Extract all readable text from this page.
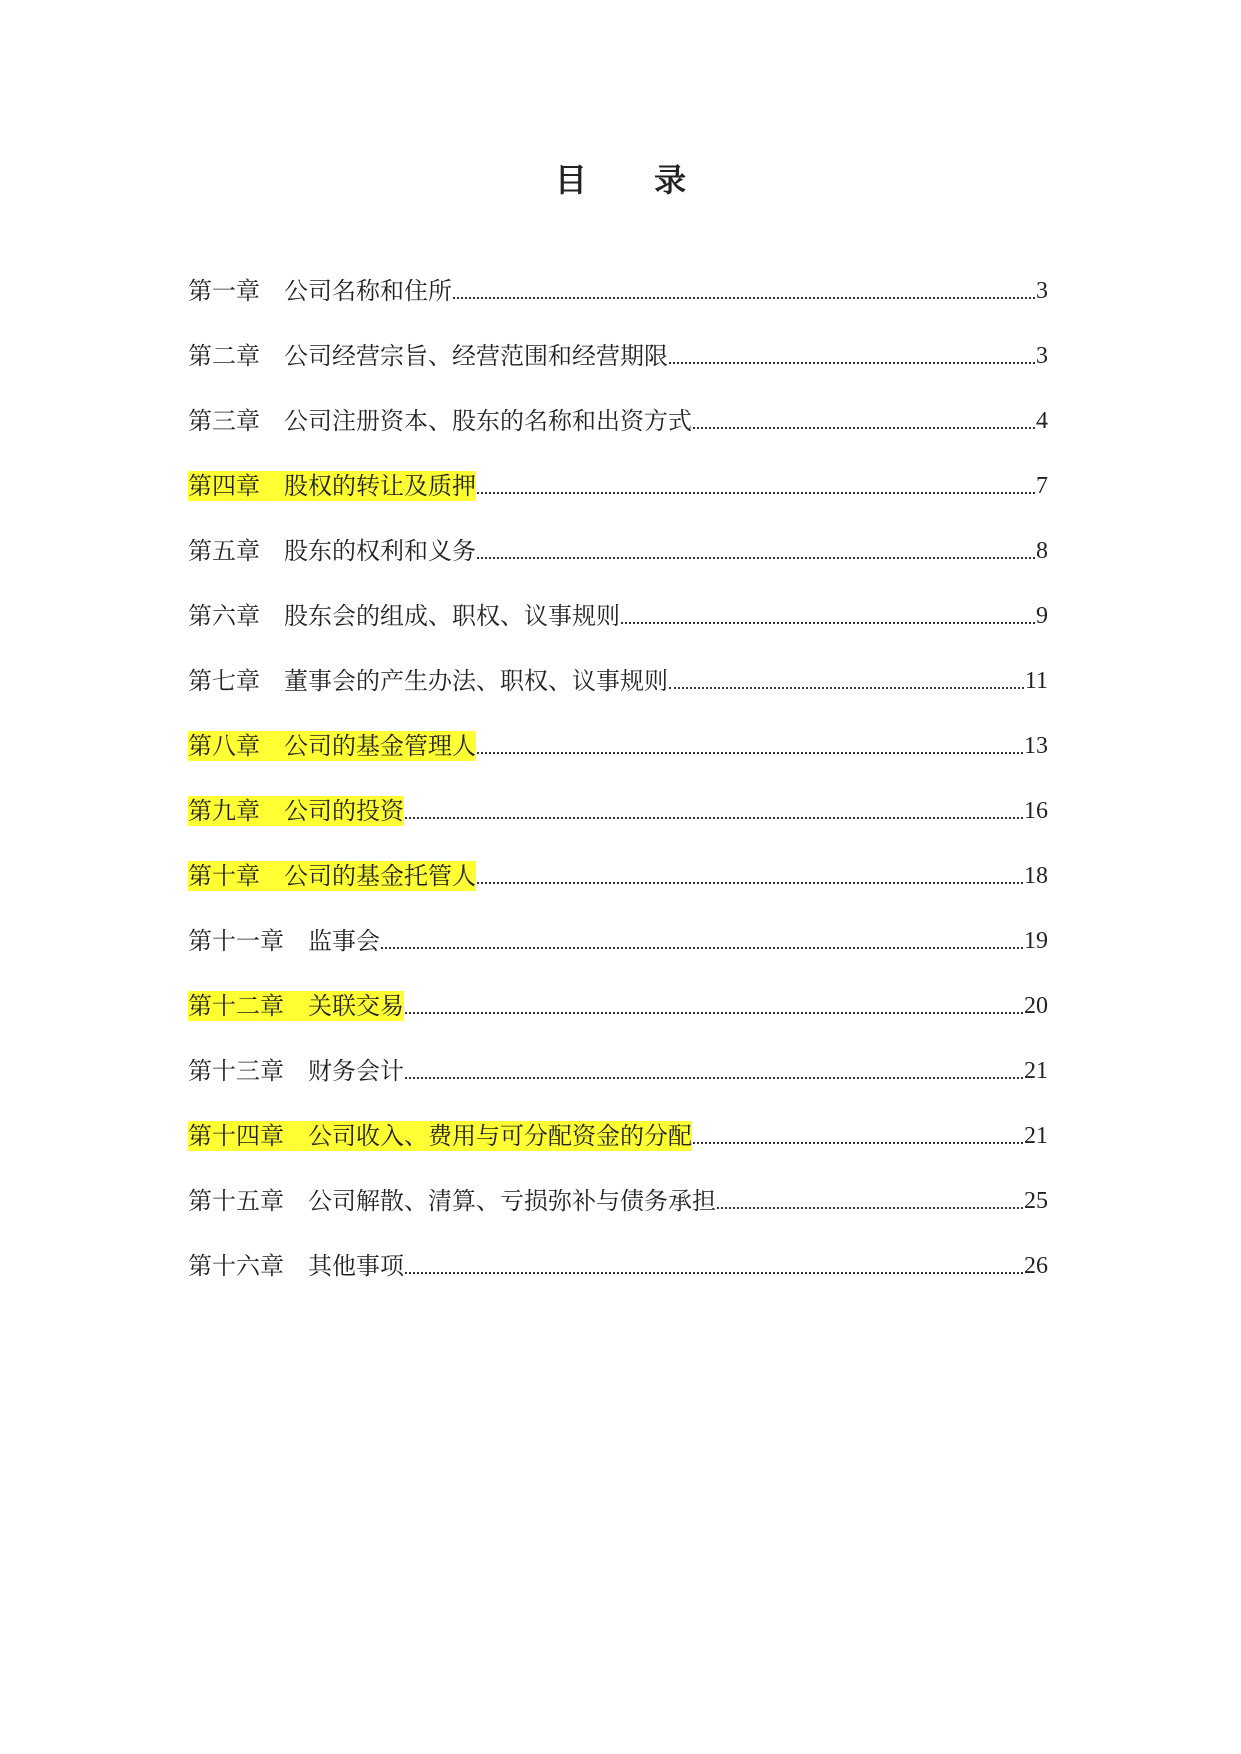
目 录
第一章　公司名称和住所	3
第二章　公司经营宗旨、经营范围和经营期限	3
第三章　公司注册资本、股东的名称和出资方式	4
第四章　股权的转让及质押	7
第五章　股东的权利和义务	8
第六章　股东会的组成、职权、议事规则	9
第七章　董事会的产生办法、职权、议事规则	11
第八章　公司的基金管理人	13
第九章　公司的投资	16
第十章　公司的基金托管人	18
第十一章　监事会	19
第十二章　关联交易	20
第十三章　财务会计	21
第十四章　公司收入、费用与可分配资金的分配	21
第十五章　公司解散、清算、亏损弥补与债务承担	25
第十六章　其他事项	26
